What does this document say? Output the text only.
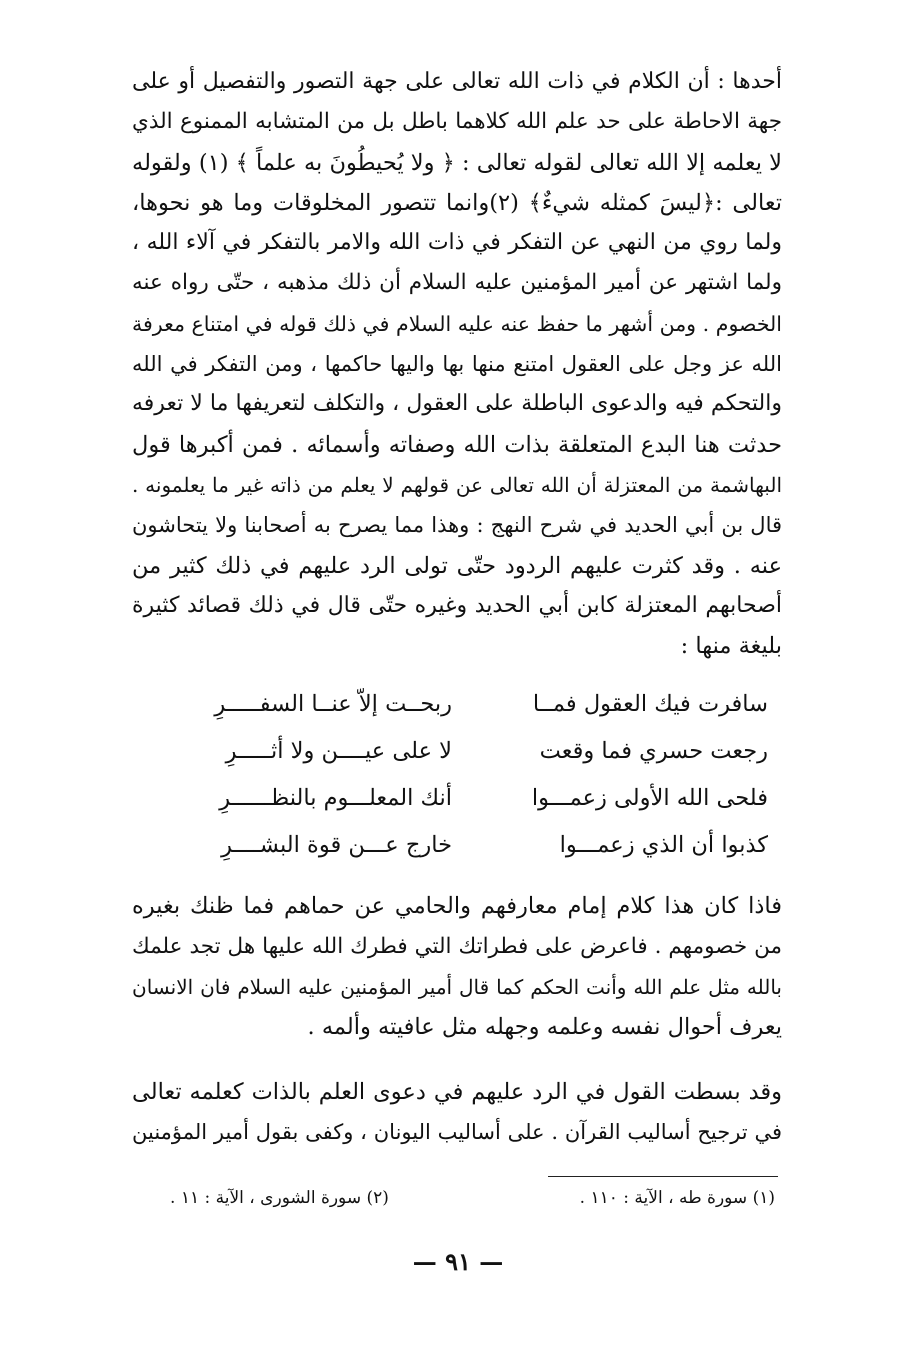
أحدها : أن الكلام في ذات الله تعالى على جهة التصور والتفصيل أو على
جهة الاحاطة على حد علم الله كلاهما باطل بل من المتشابه الممنوع الذي
لا يعلمه إلا الله تعالى لقوله تعالى : ﴿ ولا يُحيطُونَ به علماً ﴾ (١) ولقوله
تعالى :﴿ليسَ كمثله شيءٌ﴾ (٢)وانما تتصور المخلوقات وما هو نحوها،
ولما روي من النهي عن التفكر في ذات الله والامر بالتفكر في آلاء الله ،
ولما اشتهر عن أمير المؤمنين عليه السلام أن ذلك مذهبه ، حتّى رواه عنه
الخصوم . ومن أشهر ما حفظ عنه عليه السلام في ذلك قوله في امتناع معرفة
الله عز وجل على العقول امتنع منها بها واليها حاكمها ، ومن التفكر في الله
والتحكم فيه والدعوى الباطلة على العقول ، والتكلف لتعريفها ما لا تعرفه
حدثت هنا البدع المتعلقة بذات الله وصفاته وأسمائه . فمن أكبرها قول
البهاشمة من المعتزلة أن الله تعالى عن قولهم لا يعلم من ذاته غير ما يعلمونه .
قال بن أبي الحديد في شرح النهج : وهذا مما يصرح به أصحابنا ولا يتحاشون
عنه . وقد كثرت عليهم الردود حتّى تولى الرد عليهم في ذلك كثير من
أصحابهم المعتزلة كابن أبي الحديد وغيره حتّى قال في ذلك قصائد كثيرة
بليغة منها :
سافرت فيك العقول فمــا
ربحــت إلاّ عنــا السفـــــرِ
رجعت حسري فما وقعت
لا على عيــــن ولا أثـــــرِ
فلحى الله الأولى زعمـــوا
أنك المعلـــوم بالنظــــــرِ
كذبوا أن الذي زعمـــوا
خارج عـــن قوة البشــــرِ
فاذا كان هذا كلام إمام معارفهم والحامي عن حماهم فما ظنك بغيره
من خصومهم . فاعرض على فطراتك التي فطرك الله عليها هل تجد علمك
بالله مثل علم الله وأنت الحكم كما قال أمير المؤمنين عليه السلام فان الانسان
يعرف أحوال نفسه وعلمه وجهله مثل عافيته وألمه .
وقد بسطت القول في الرد عليهم في دعوى العلم بالذات كعلمه تعالى
في ترجيح أساليب القرآن . على أساليب اليونان ، وكفى بقول أمير المؤمنين
(١) سورة طه ، الآية : ١١٠ .
(٢) سورة الشورى ، الآية : ١١ .
— ٩١ —
